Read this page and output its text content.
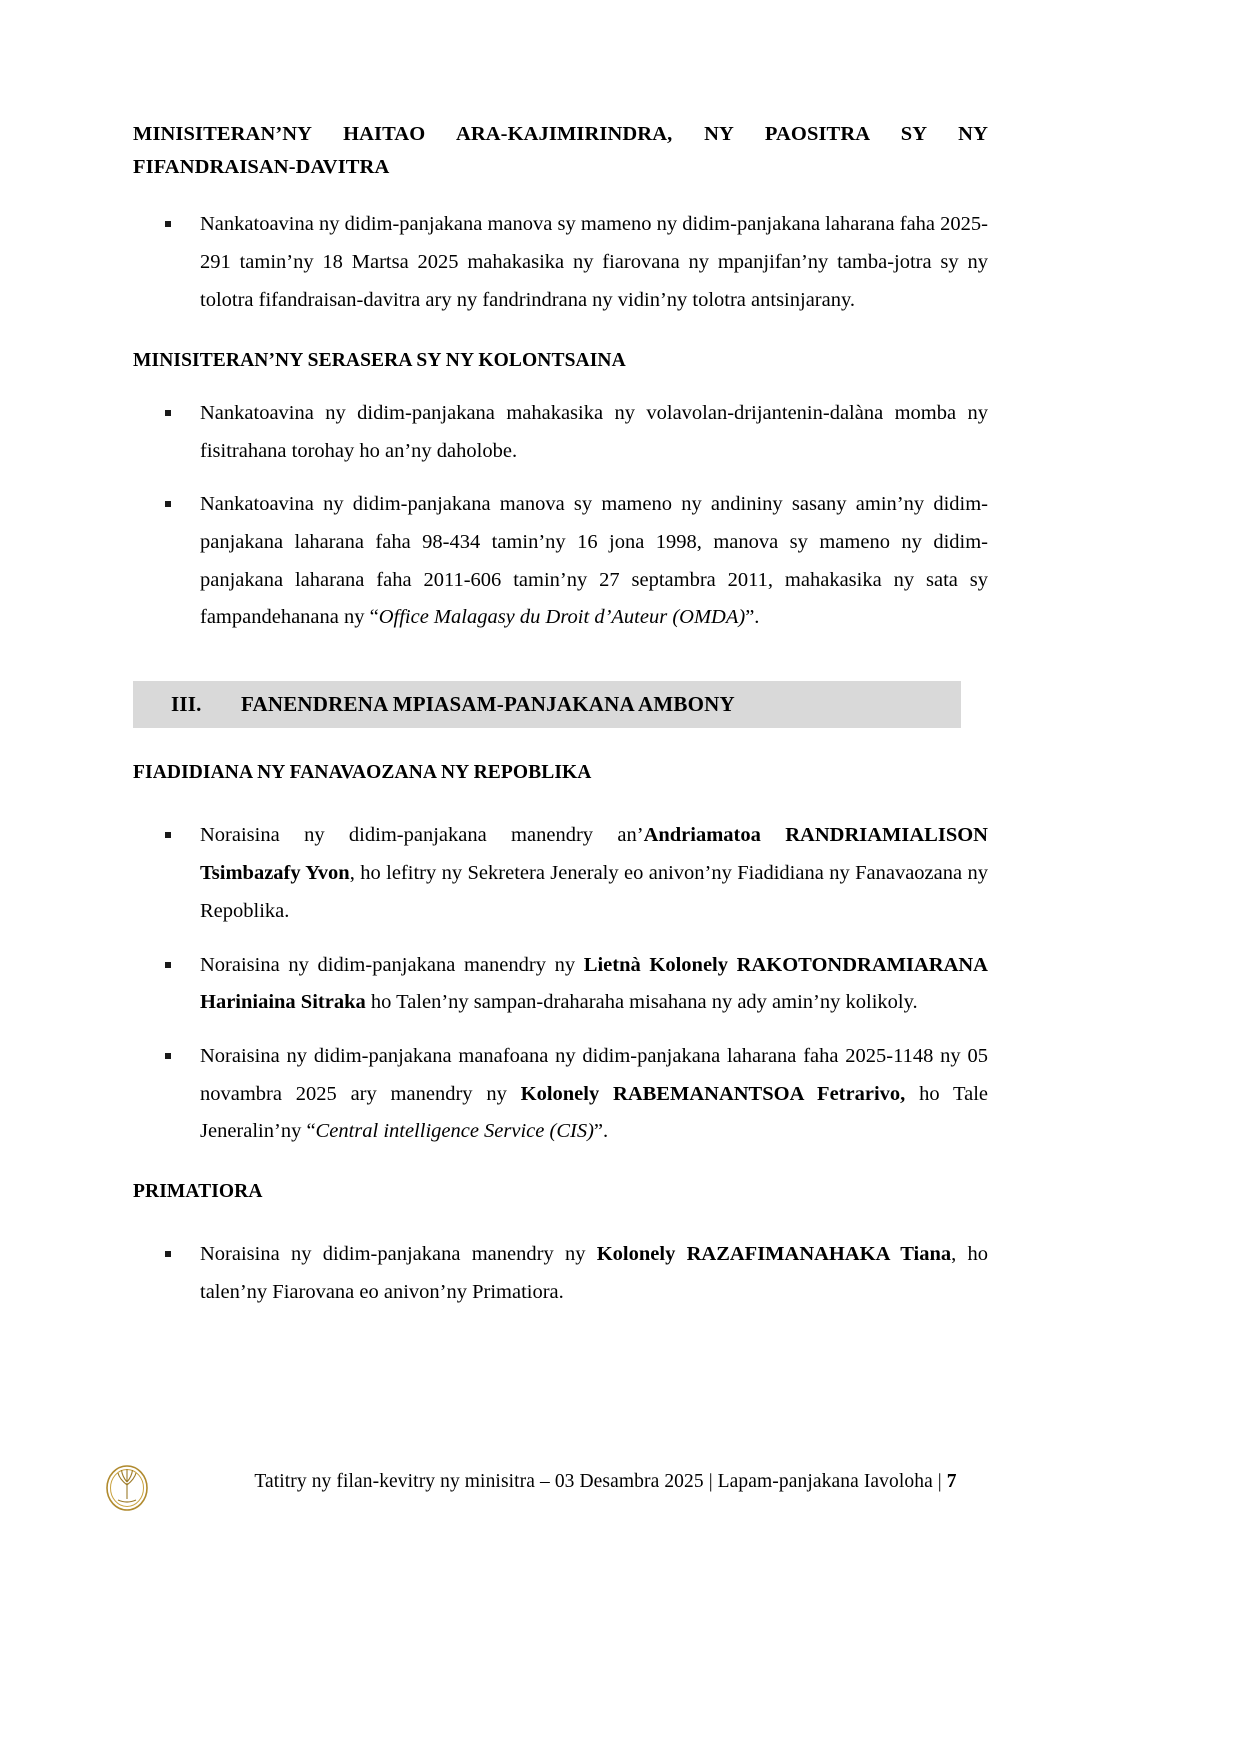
MINISITERAN’NY HAITAO ARA-KAJIMIRINDRA, NY PAOSITRA SY NY FIFANDRAISAN-DAVITRA
Nankatoavina ny didim-panjakana manova sy mameno ny didim-panjakana laharana faha 2025-291 tamin’ny 18 Martsa 2025 mahakasika ny fiarovana ny mpanjifan’ny tamba-jotra sy ny tolotra fifandraisan-davitra ary ny fandrindrana ny vidin’ny tolotra antsinjarany.
MINISITERAN’NY SERASERA SY NY KOLONTSAINA
Nankatoavina ny didim-panjakana mahakasika ny volavolan-drijantenin-dalàna momba ny fisitrahana torohay ho an’ny daholobe.
Nankatoavina ny didim-panjakana manova sy mameno ny andininy sasany amin’ny didim-panjakana laharana faha 98-434 tamin’ny 16 jona 1998, manova sy mameno ny didim-panjakana laharana faha 2011-606 tamin’ny 27 septambra 2011, mahakasika ny sata sy fampandehanana ny “Office Malagasy du Droit d’Auteur (OMDA)”.
III.	FANENDRENA MPIASAM-PANJAKANA AMBONY
FIADIDIANA NY FANAVAOZANA NY REPOBLIKA
Noraisina ny didim-panjakana manendry an’Andriamatoa RANDRIAMIALISON Tsimbazafy Yvon, ho lefitry ny Sekretera Jeneraly eo anivon’ny Fiadidiana ny Fanavaozana ny Repoblika.
Noraisina ny didim-panjakana manendry ny Lietnà Kolonely RAKOTONDRAMIARANA Hariniaina Sitraka ho Talen’ny sampan-draharaha misahana ny ady amin’ny kolikoly.
Noraisina ny didim-panjakana manafoana ny didim-panjakana laharana faha 2025-1148 ny 05 novambra 2025 ary manendry ny Kolonely RABEMANANTSOA Fetrarivo, ho Tale Jeneralin’ny “Central intelligence Service (CIS)”.
PRIMATIORA
Noraisina ny didim-panjakana manendry ny Kolonely RAZAFIMANAHAKA Tiana, ho talen’ny Fiarovana eo anivon’ny Primatiora.
Tatitry ny filan-kevitry ny minisitra – 03 Desambra 2025 | Lapam-panjakana Iavoloha | 7
